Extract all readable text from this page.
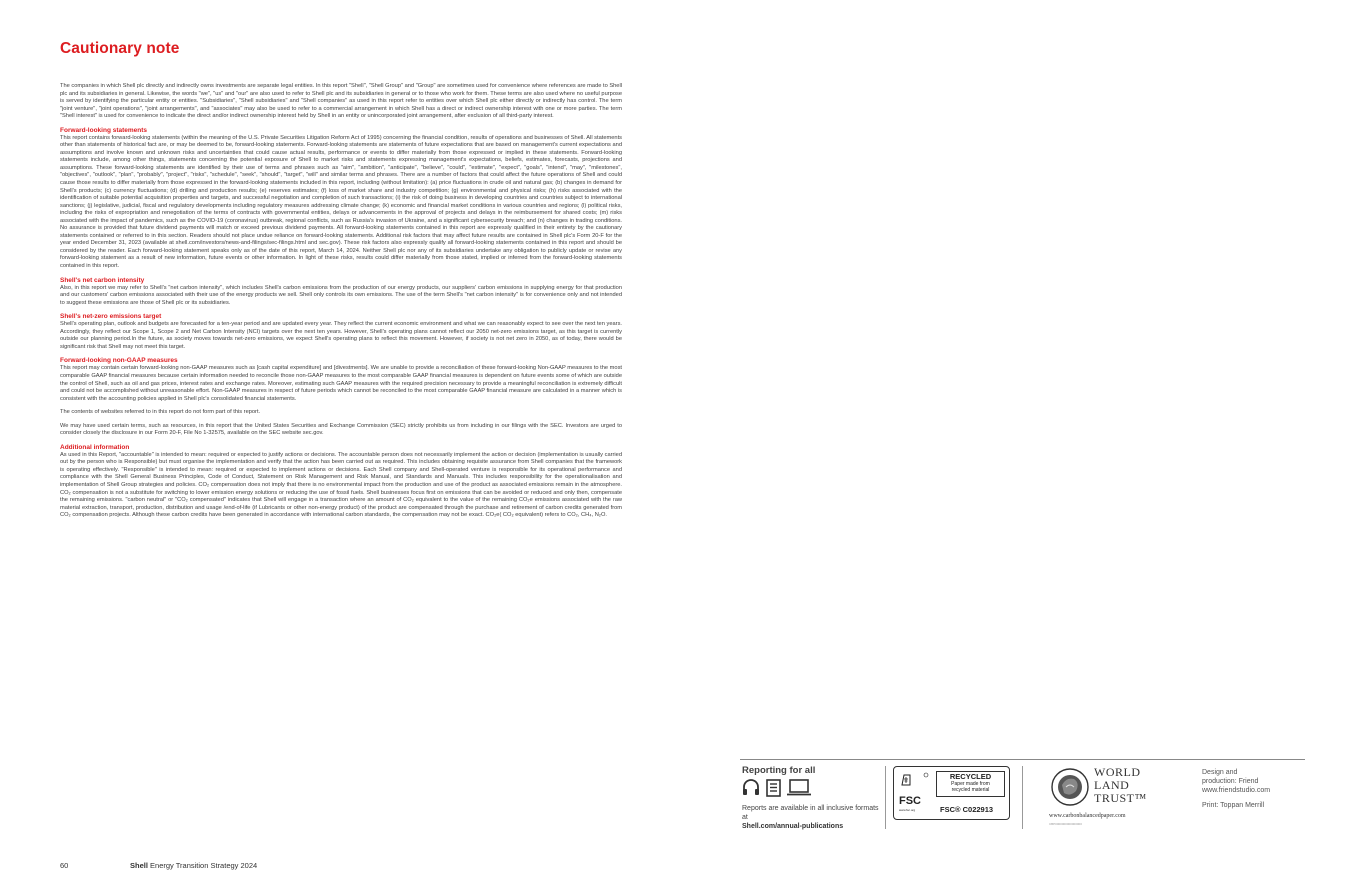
Cautionary note

The companies in which Shell plc directly and indirectly owns investments are separate legal entities. In this report "Shell", "Shell Group" and "Group" are sometimes used for convenience where references are made to Shell plc and its subsidiaries in general. Likewise, the words "we", "us" and "our" are also used to refer to Shell plc and its subsidiaries in general or to those who work for them. These terms are also used where no useful purpose is served by identifying the particular entity or entities. "Subsidiaries", "Shell subsidiaries" and "Shell companies" as used in this report refer to entities over which Shell plc either directly or indirectly has control. The term "joint venture", "joint operations", "joint arrangements", and "associates" may also be used to refer to a commercial arrangement in which Shell has a direct or indirect ownership interest with one or more parties. The term "Shell interest" is used for convenience to indicate the direct and/or indirect ownership interest held by Shell in an entity or unincorporated joint arrangement, after exclusion of all third-party interest.

Forward-looking statements

This report contains forward-looking statements (within the meaning of the U.S. Private Securities Litigation Reform Act of 1995) concerning the financial condition, results of operations and businesses of Shell. All statements other than statements of historical fact are, or may be deemed to be, forward-looking statements. Forward-looking statements are statements of future expectations that are based on management's current expectations and assumptions and involve known and unknown risks and uncertainties that could cause actual results, performance or events to differ materially from those expressed or implied in these statements. Forward-looking statements include, among other things, statements concerning the potential exposure of Shell to market risks and statements expressing management's expectations, beliefs, estimates, forecasts, projections and assumptions. These forward-looking statements are identified by their use of terms and phrases such as "aim", "ambition", "anticipate", "believe", "could", "estimate", "expect", "goals", "intend", "may", "milestones", "objectives", "outlook", "plan", "probably", "project", "risks", "schedule", "seek", "should", "target", "will" and similar terms and phrases. There are a number of factors that could affect the future operations of Shell and could cause those results to differ materially from those expressed in the forward-looking statements included in this report, including (without limitation): (a) price fluctuations in crude oil and natural gas; (b) changes in demand for Shell's products; (c) currency fluctuations; (d) drilling and production results; (e) reserves estimates; (f) loss of market share and industry competition; (g) environmental and physical risks; (h) risks associated with the identification of suitable potential acquisition properties and targets, and successful negotiation and completion of such transactions; (i) the risk of doing business in developing countries and countries subject to international sanctions; (j) legislative, judicial, fiscal and regulatory developments including regulatory measures addressing climate change; (k) economic and financial market conditions in various countries and regions; (l) political risks, including the risks of expropriation and renegotiation of the terms of contracts with governmental entities, delays or advancements in the approval of projects and delays in the reimbursement for shared costs; (m) risks associated with the impact of pandemics, such as the COVID-19 (coronavirus) outbreak, regional conflicts, such as Russia's invasion of Ukraine, and a significant cybersecurity breach; and (n) changes in trading conditions. No assurance is provided that future dividend payments will match or exceed previous dividend payments. All forward-looking statements contained in this report are expressly qualified in their entirety by the cautionary statements contained or referred to in this section. Readers should not place undue reliance on forward-looking statements. Additional risk factors that may affect future results are contained in Shell plc's Form 20-F for the year ended December 31, 2023 (available at shell.com/investors/news-and-filings/sec-filings.html and sec.gov). These risk factors also expressly qualify all forward-looking statements contained in this report and should be considered by the reader. Each forward-looking statement speaks only as of the date of this report, March 14, 2024. Neither Shell plc nor any of its subsidiaries undertake any obligation to publicly update or revise any forward-looking statement as a result of new information, future events or other information. In light of these risks, results could differ materially from those stated, implied or inferred from the forward-looking statements contained in this report.

Shell's net carbon intensity

Also, in this report we may refer to Shell's "net carbon intensity", which includes Shell's carbon emissions from the production of our energy products, our suppliers' carbon emissions in supplying energy for that production and our customers' carbon emissions associated with their use of the energy products we sell. Shell only controls its own emissions. The use of the term Shell's "net carbon intensity" is for convenience only and not intended to suggest these emissions are those of Shell plc or its subsidiaries.

Shell's net-zero emissions target

Shell's operating plan, outlook and budgets are forecasted for a ten-year period and are updated every year. They reflect the current economic environment and what we can reasonably expect to see over the next ten years. Accordingly, they reflect our Scope 1, Scope 2 and Net Carbon Intensity (NCI) targets over the next ten years. However, Shell's operating plans cannot reflect our 2050 net-zero emissions target, as this target is currently outside our planning period.In the future, as society moves towards net-zero emissions, we expect Shell's operating plans to reflect this movement. However, if society is not net zero in 2050, as of today, there would be significant risk that Shell may not meet this target.

Forward-looking non-GAAP measures

This report may contain certain forward-looking non-GAAP measures such as [cash capital expenditure] and [divestments]. We are unable to provide a reconciliation of these forward-looking Non-GAAP measures to the most comparable GAAP financial measures because certain information needed to reconcile those non-GAAP measures to the most comparable GAAP financial measures is dependent on future events some of which are outside the control of Shell, such as oil and gas prices, interest rates and exchange rates. Moreover, estimating such GAAP measures with the required precision necessary to provide a meaningful reconciliation is extremely difficult and could not be accomplished without unreasonable effort. Non-GAAP measures in respect of future periods which cannot be reconciled to the most comparable GAAP financial measure are calculated in a manner which is consistent with the accounting policies applied in Shell plc's consolidated financial statements.

The contents of websites referred to in this report do not form part of this report.

We may have used certain terms, such as resources, in this report that the United States Securities and Exchange Commission (SEC) strictly prohibits us from including in our filings with the SEC. Investors are urged to consider closely the disclosure in our Form 20-F, File No 1-32575, available on the SEC website sec.gov.

Additional information

As used in this Report, "accountable" is intended to mean: required or expected to justify actions or decisions. The accountable person does not necessarily implement the action or decision (implementation is usually carried out by the person who is Responsible) but must organise the implementation and verify that the action has been carried out as required. This includes obtaining requisite assurance from Shell companies that the framework is operating effectively. "Responsible" is intended to mean: required or expected to implement actions or decisions. Each Shell company and Shell-operated venture is responsible for its operational performance and compliance with the Shell General Business Principles, Code of Conduct, Statement on Risk Management and Risk Manual, and Standards and Manuals. This includes responsibility for the operationalisation and implementation of Shell Group strategies and policies. CO₂ compensation does not imply that there is no environmental impact from the production and use of the product as associated emissions remain in the atmosphere. CO₂ compensation is not a substitute for switching to lower emission energy solutions or reducing the use of fossil fuels. Shell businesses focus first on emissions that can be avoided or reduced and only then, compensate the remaining emissions. "carbon neutral" or "CO₂ compensated" indicates that Shell will engage in a transaction where an amount of CO₂ equivalent to the value of the remaining CO₂e emissions associated with the raw material extraction, transport, production, distribution and usage /end-of-life (if Lubricants or other non-energy product) of the product are compensated through the purchase and retirement of carbon credits generated from CO₂ compensation projects. Although these carbon credits have been generated in accordance with international carbon standards, the compensation may not be exact. CO₂e( CO₂ equivalent) refers to CO₂, CH₄, N₂O.

Reporting for all
Reports are available in all inclusive formats at
Shell.com/annual-publications
FSC
www.fsc.org
RECYCLED
Paper made from
recycled material
FSC® C022913
WORLD
LAND
TRUST™
www.carbonbalancedpaper.com
CBP0000000000000000

Design and
production: Friend
www.friendstudio.com

Print: Toppan Merrill

60	Shell Energy Transition Strategy 2024
